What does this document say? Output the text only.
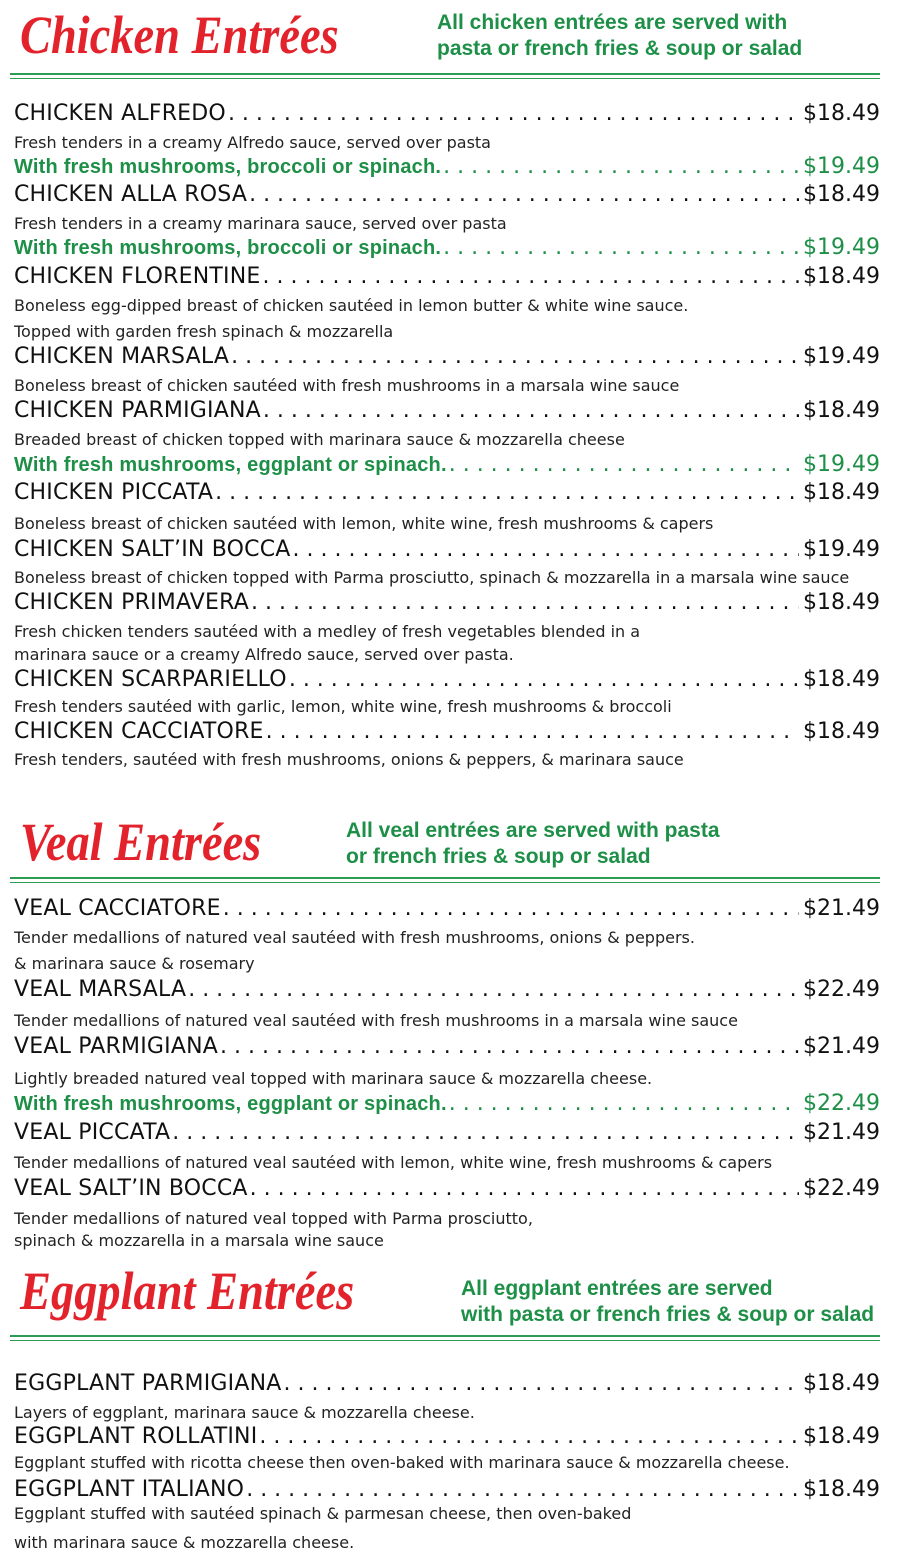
Chicken Entrées	All chicken entrées are served with
pasta or french fries & soup or salad
CHICKEN ALFREDO . . .	$18.49
Fresh tenders in a creamy Alfredo sauce, served over pasta
With fresh mushrooms, broccoli or spinach. . . .	$19.49
CHICKEN ALLA ROSA . . .	$18.49
Fresh tenders in a creamy marinara sauce, served over pasta
With fresh mushrooms, broccoli or spinach. . . .	$19.49
CHICKEN FLORENTINE . . .	$18.49
Boneless egg-dipped breast of chicken sautéed in lemon butter & white wine sauce.
Topped with garden fresh spinach & mozzarella
CHICKEN MARSALA . . .	$19.49
Boneless breast of chicken sautéed with fresh mushrooms in a marsala wine sauce
CHICKEN PARMIGIANA . . .	$18.49
Breaded breast of chicken topped with marinara sauce & mozzarella cheese
With fresh mushrooms, eggplant or spinach. . . .	$19.49
CHICKEN PICCATA . . .	$18.49
Boneless breast of chicken sautéed with lemon, white wine, fresh mushrooms & capers
CHICKEN SALT’IN BOCCA . . .	$19.49
Boneless breast of chicken topped with Parma prosciutto, spinach & mozzarella in a marsala wine sauce
CHICKEN PRIMAVERA . . .	$18.49
Fresh chicken tenders sautéed with a medley of fresh vegetables blended in a
marinara sauce or a creamy Alfredo sauce, served over pasta.
CHICKEN SCARPARIELLO . . .	$18.49
Fresh tenders sautéed with garlic, lemon, white wine, fresh mushrooms & broccoli
CHICKEN CACCIATORE . . .	$18.49
Fresh tenders, sautéed with fresh mushrooms, onions & peppers, & marinara sauce
Veal Entrées	All veal entrées are served with pasta
or french fries & soup or salad
VEAL CACCIATORE . . .	$21.49
Tender medallions of natured veal sautéed with fresh mushrooms, onions & peppers.
& marinara sauce & rosemary
VEAL MARSALA . . .	$22.49
Tender medallions of natured veal sautéed with fresh mushrooms in a marsala wine sauce
VEAL PARMIGIANA . . .	$21.49
Lightly breaded natured veal topped with marinara sauce & mozzarella cheese.
With fresh mushrooms, eggplant or spinach. . . .	$22.49
VEAL PICCATA . . .	$21.49
Tender medallions of natured veal sautéed with lemon, white wine, fresh mushrooms & capers
VEAL SALT’IN BOCCA . . .	$22.49
Tender medallions of natured veal topped with Parma prosciutto,
spinach & mozzarella in a marsala wine sauce
Eggplant Entrées	All eggplant entrées are served
with pasta or french fries & soup or salad
EGGPLANT PARMIGIANA . . .	$18.49
Layers of eggplant, marinara sauce & mozzarella cheese.
EGGPLANT ROLLATINI . . .	$18.49
Eggplant stuffed with ricotta cheese then oven-baked with marinara sauce & mozzarella cheese.
EGGPLANT ITALIANO . . .	$18.49
Eggplant stuffed with sautéed spinach & parmesan cheese, then oven-baked
with marinara sauce & mozzarella cheese.
